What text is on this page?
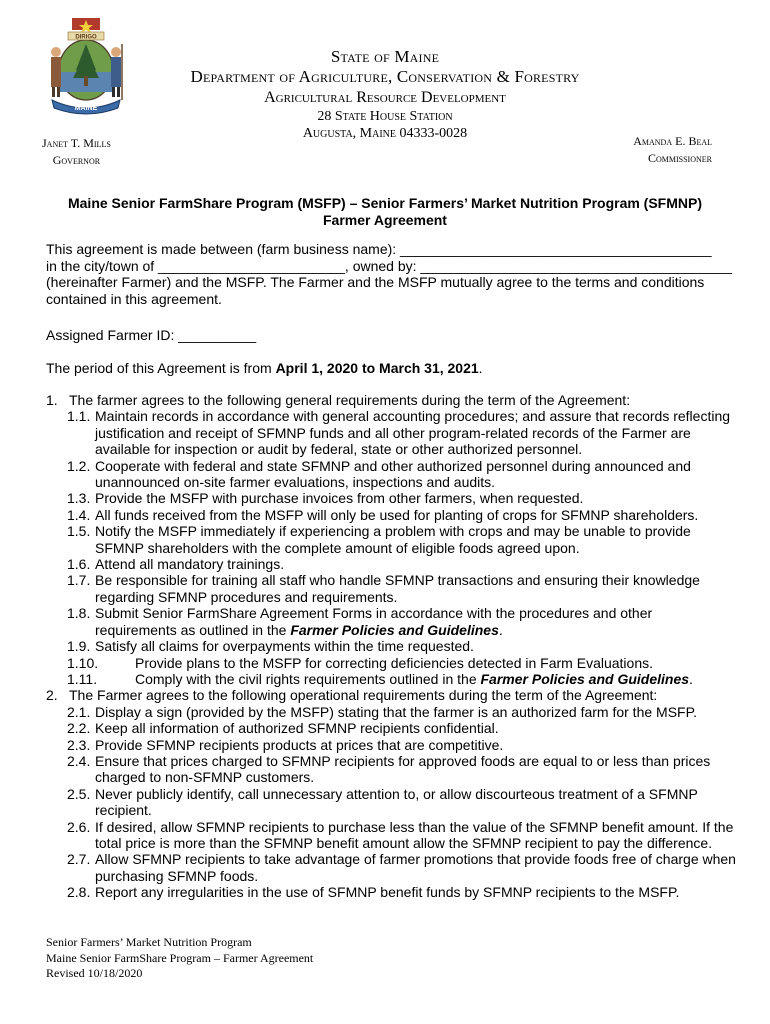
MAINE
DIRIGO
State of Maine
Department of Agriculture, Conservation & Forestry
Agricultural Resource Development
28 State House Station
Augusta, Maine 04333-0028
Janet T. Mills
Governor
Amanda E. Beal
Commissioner
Maine Senior FarmShare Program (MSFP) – Senior Farmers’ Market Nutrition Program (SFMNP)
Farmer Agreement
This agreement is made between (farm business name): ________________________________________
in the city/town of ________________________, owned by: ________________________________________
(hereinafter Farmer) and the MSFP. The Farmer and the MSFP mutually agree to the terms and conditions contained in this agreement.
Assigned Farmer ID: __________
The period of this Agreement is from April 1, 2020 to March 31, 2021.
1. The farmer agrees to the following general requirements during the term of the Agreement:
1.1. Maintain records in accordance with general accounting procedures; and assure that records reflecting justification and receipt of SFMNP funds and all other program-related records of the Farmer are available for inspection or audit by federal, state or other authorized personnel.
1.2. Cooperate with federal and state SFMNP and other authorized personnel during announced and unannounced on-site farmer evaluations, inspections and audits.
1.3. Provide the MSFP with purchase invoices from other farmers, when requested.
1.4. All funds received from the MSFP will only be used for planting of crops for SFMNP shareholders.
1.5. Notify the MSFP immediately if experiencing a problem with crops and may be unable to provide SFMNP shareholders with the complete amount of eligible foods agreed upon.
1.6. Attend all mandatory trainings.
1.7. Be responsible for training all staff who handle SFMNP transactions and ensuring their knowledge regarding SFMNP procedures and requirements.
1.8. Submit Senior FarmShare Agreement Forms in accordance with the procedures and other requirements as outlined in the Farmer Policies and Guidelines.
1.9. Satisfy all claims for overpayments within the time requested.
1.10.	Provide plans to the MSFP for correcting deficiencies detected in Farm Evaluations.
1.11.	Comply with the civil rights requirements outlined in the Farmer Policies and Guidelines.
2. The Farmer agrees to the following operational requirements during the term of the Agreement:
2.1. Display a sign (provided by the MSFP) stating that the farmer is an authorized farm for the MSFP.
2.2. Keep all information of authorized SFMNP recipients confidential.
2.3. Provide SFMNP recipients products at prices that are competitive.
2.4. Ensure that prices charged to SFMNP recipients for approved foods are equal to or less than prices charged to non-SFMNP customers.
2.5. Never publicly identify, call unnecessary attention to, or allow discourteous treatment of a SFMNP recipient.
2.6. If desired, allow SFMNP recipients to purchase less than the value of the SFMNP benefit amount. If the total price is more than the SFMNP benefit amount allow the SFMNP recipient to pay the difference.
2.7. Allow SFMNP recipients to take advantage of farmer promotions that provide foods free of charge when purchasing SFMNP foods.
2.8. Report any irregularities in the use of SFMNP benefit funds by SFMNP recipients to the MSFP.
Senior Farmers’ Market Nutrition Program
Maine Senior FarmShare Program – Farmer Agreement
Revised 10/18/2020
